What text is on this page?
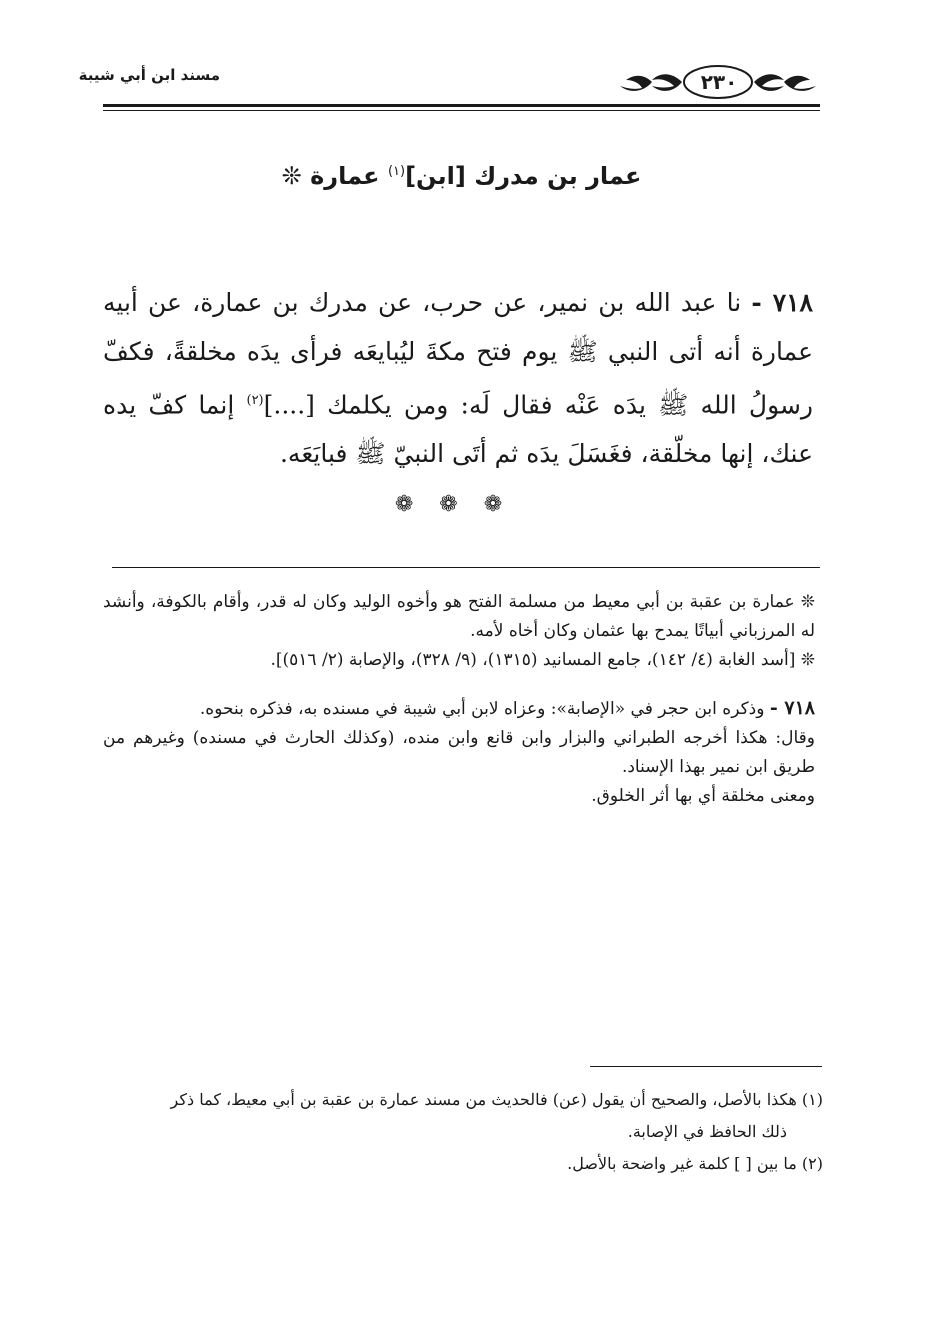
مسند ابن أبي شيبة	٢٣٠
عمار بن مدرك [ابن]$^{(١)}$ عمارة ❊
٧١٨ - نا عبد الله بن نمير، عن حرب، عن مدرك بن عمارة، عن أبيه عمارة أنه أتى النبي ﷺ يوم فتح مكةَ ليُبايعَه فرأى يدَه مخلقةً، فكفّ رسولُ الله ﷺ يدَه عَنْه فقال لَه: ومن يكلمك [....]$^{(٢)}$ إنما كفّ يده عنك، إنها مخلّقة، فغَسَلَ يدَه ثم أتَى النبيّ ﷺ فبايَعَه.
❁❁❁

❊ عمارة بن عقبة بن أبي معيط من مسلمة الفتح هو وأخوه الوليد وكان له قدر، وأقام بالكوفة، وأنشد له المرزباني أبياتًا يمدح بها عثمان وكان أخاه لأمه.

❊ [أسد الغابة (٤/ ١٤٢)، جامع المسانيد (١٣١٥)، (٩/ ٣٢٨)، والإصابة (٢/ ٥١٦)].

٧١٨ - وذكره ابن حجر في «الإصابة»: وعزاه لابن أبي شيبة في مسنده به، فذكره بنحوه.

وقال: هكذا أخرجه الطبراني والبزار وابن قانع وابن منده، (وكذلك الحارث في مسنده) وغيرهم من طريق ابن نمير بهذا الإسناد.

ومعنى مخلقة أي بها أثر الخلوق.

(١) هكذا بالأصل، والصحيح أن يقول (عن) فالحديث من مسند عمارة بن عقبة بن أبي معيط، كما ذكر

ذلك الحافظ في الإصابة.

(٢) ما بين [ ] كلمة غير واضحة بالأصل.
